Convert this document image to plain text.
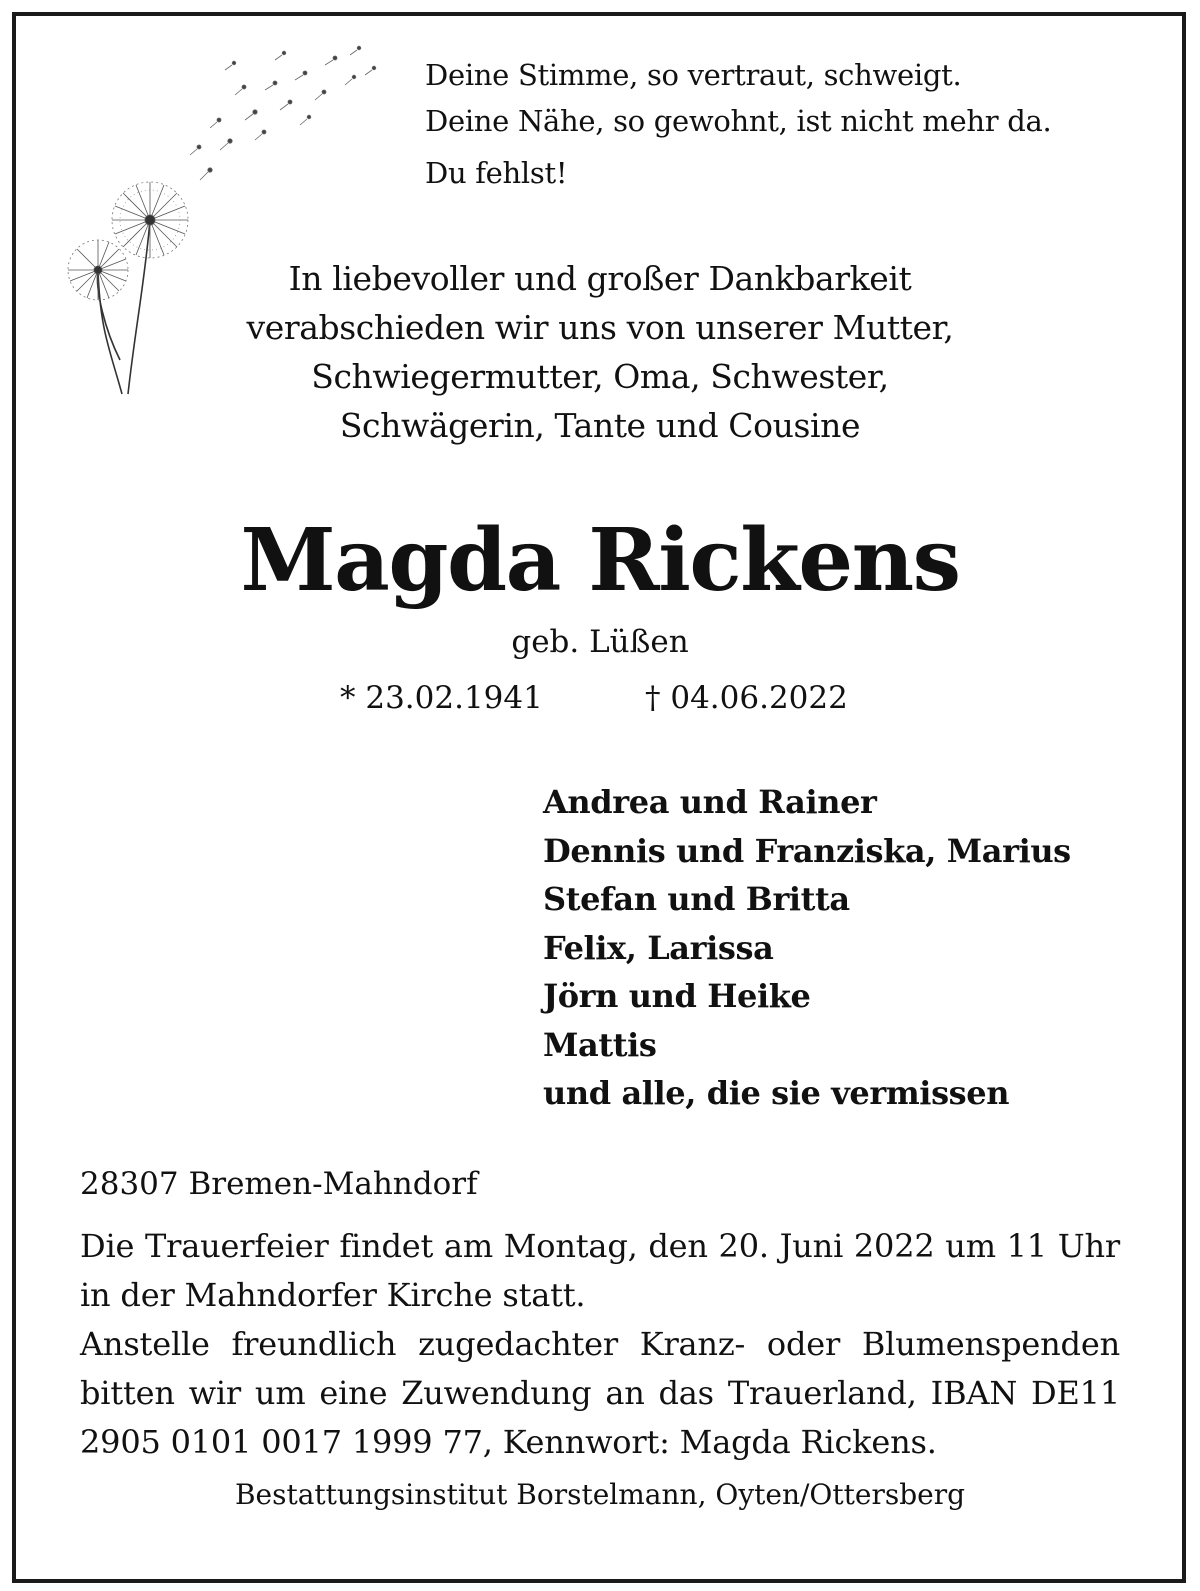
Deine Stimme, so vertraut, schweigt.
Deine Nähe, so gewohnt, ist nicht mehr da.
Du fehlst!
In liebevoller und großer Dankbarkeit
verabschieden wir uns von unserer Mutter,
Schwiegermutter, Oma, Schwester,
Schwägerin, Tante und Cousine
Magda Rickens
geb. Lüßen
* 23.02.1941	† 04.06.2022
Andrea und Rainer
Dennis und Franziska, Marius
Stefan und Britta
Felix, Larissa
Jörn und Heike
Mattis
und alle, die sie vermissen
28307 Bremen-Mahndorf

Die Trauerfeier findet am Montag, den 20. Juni 2022 um 11 Uhr in der Mahndorfer Kirche statt.

Anstelle freundlich zugedachter Kranz- oder Blumenspenden bitten wir um eine Zuwendung an das Trauerland, IBAN DE11 2905 0101 0017 1999 77, Kennwort: Magda Rickens.

Bestattungsinstitut Borstelmann, Oyten/Ottersberg
